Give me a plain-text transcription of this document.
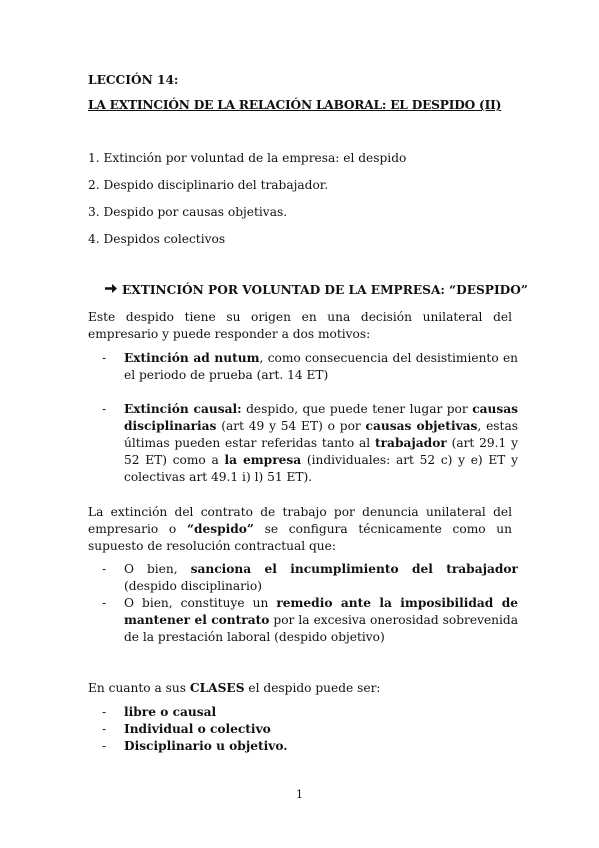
LECCIÓN 14:
LA EXTINCIÓN DE LA RELACIÓN LABORAL: EL DESPIDO (II)
1. Extinción por voluntad de la empresa: el despido
2. Despido disciplinario del trabajador.
3. Despido por causas objetivas.
4. Despidos colectivos
EXTINCIÓN POR VOLUNTAD DE LA EMPRESA: “DESPIDO”
Este despido tiene su origen en una decisión unilateral del empresario y puede responder a dos motivos:
- Extinción ad nutum, como consecuencia del desistimiento en el periodo de prueba (art. 14 ET)
- Extinción causal: despido, que puede tener lugar por causas disciplinarias (art 49 y 54 ET) o por causas objetivas, estas últimas pueden estar referidas tanto al trabajador (art 29.1 y 52 ET) como a la empresa (individuales: art 52 c) y e) ET y colectivas art 49.1 i) l) 51 ET).
La extinción del contrato de trabajo por denuncia unilateral del empresario o “despido” se configura técnicamente como un supuesto de resolución contractual que:
- O bien, sanciona el incumplimiento del trabajador (despido disciplinario)
- O bien, constituye un remedio ante la imposibilidad de mantener el contrato por la excesiva onerosidad sobrevenida de la prestación laboral (despido objetivo)
En cuanto a sus CLASES el despido puede ser:
- libre o causal
- Individual o colectivo
- Disciplinario u objetivo.
1
